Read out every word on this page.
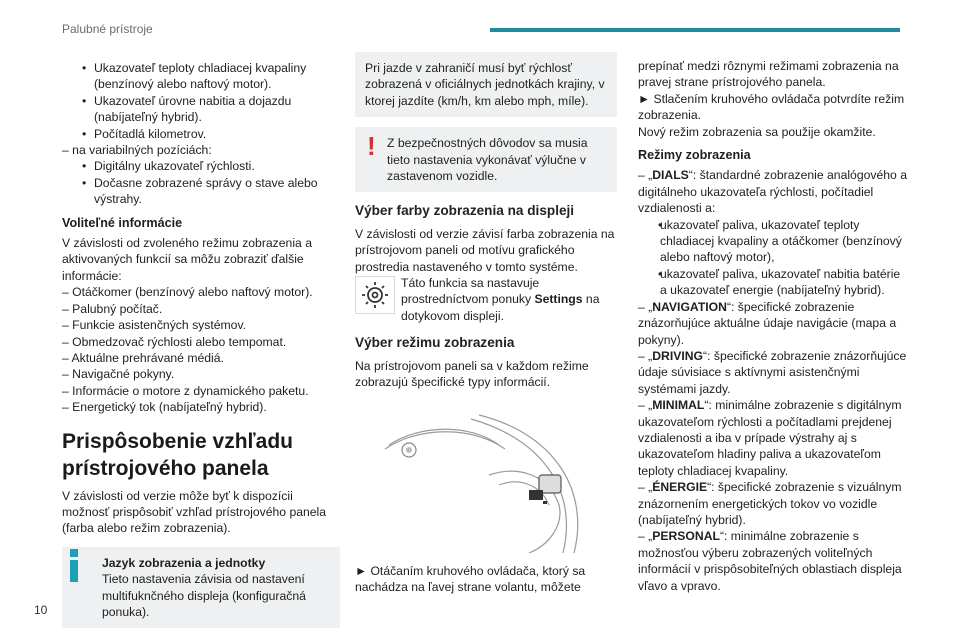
Palubné prístroje
10

• Ukazovateľ teploty chladiacej kvapaliny (benzínový alebo naftový motor).

• Ukazovateľ úrovne nabitia a dojazdu (nabíjateľný hybrid).

• Počítadlá kilometrov.

– na variabilných pozíciách:

• Digitálny ukazovateľ rýchlosti.

• Dočasne zobrazené správy o stave alebo výstrahy.

Voliteľné informácie

V závislosti od zvoleného režimu zobrazenia a aktivovaných funkcií sa môžu zobraziť ďalšie informácie:

– Otáčkomer (benzínový alebo naftový motor).

– Palubný počítač.

– Funkcie asistenčných systémov.

– Obmedzovač rýchlosti alebo tempomat.

– Aktuálne prehrávané médiá.

– Navigačné pokyny.

– Informácie o motore z dynamického paketu.

– Energetický tok (nabíjateľný hybrid).

Prispôsobenie vzhľadu prístrojového panela

V závislosti od verzie môže byť k dispozícii možnosť prispôsobiť vzhľad prístrojového panela (farba alebo režim zobrazenia).

Jazyk zobrazenia a jednotky

Tieto nastavenia závisia od nastavení multifuknčného displeja (konfiguračná ponuka).

Pri jazde v zahraničí musí byť rýchlosť zobrazená v oficiálnych jednotkách krajiny, v ktorej jazdíte (km/h, km alebo mph, míle).

! Z bezpečnostných dôvodov sa musia tieto nastavenia vykonávať výlučne v zastavenom vozidle.

Výber farby zobrazenia na displeji

V závislosti od verzie závisí farba zobrazenia na prístrojovom paneli od motívu grafického prostredia nastaveného v tomto systéme.

Táto funkcia sa nastavuje prostredníctvom ponuky Settings na dotykovom displeji.

Výber režimu zobrazenia

Na prístrojovom paneli sa v každom režime zobrazujú špecifické typy informácií.

► Otáčaním kruhového ovládača, ktorý sa nachádza na ľavej strane volantu, môžete

prepínať medzi rôznymi režimami zobrazenia na pravej strane prístrojového panela.

► Stlačením kruhového ovládača potvrdíte režim zobrazenia.

Nový režim zobrazenia sa použije okamžite.

Režimy zobrazenia

– „DIALS“: štandardné zobrazenie analógového a digitálneho ukazovateľa rýchlosti, počítadiel vzdialenosti a:

• ukazovateľ paliva, ukazovateľ teploty chladiacej kvapaliny a otáčkomer (benzínový alebo naftový motor),

• ukazovateľ paliva, ukazovateľ nabitia batérie a ukazovateľ energie (nabíjateľný hybrid).

– „NAVIGATION“: špecifické zobrazenie znázorňujúce aktuálne údaje navigácie (mapa a pokyny).

– „DRIVING“: špecifické zobrazenie znázorňujúce údaje súvisiace s aktívnymi asistenčnými systémami jazdy.

– „MINIMAL“: minimálne zobrazenie s digitálnym ukazovateľom rýchlosti a počítadlami prejdenej vzdialenosti a iba v prípade výstrahy aj s ukazovateľom hladiny paliva a ukazovateľom teploty chladiacej kvapaliny.

– „ÉNERGIE“: špecifické zobrazenie s vizuálnym znázornením energetických tokov vo vozidle (nabíjateľný hybrid).

– „PERSONAL“: minimálne zobrazenie s možnosťou výberu zobrazených voliteľných informácií v prispôsobiteľných oblastiach displeja vľavo a vpravo.
